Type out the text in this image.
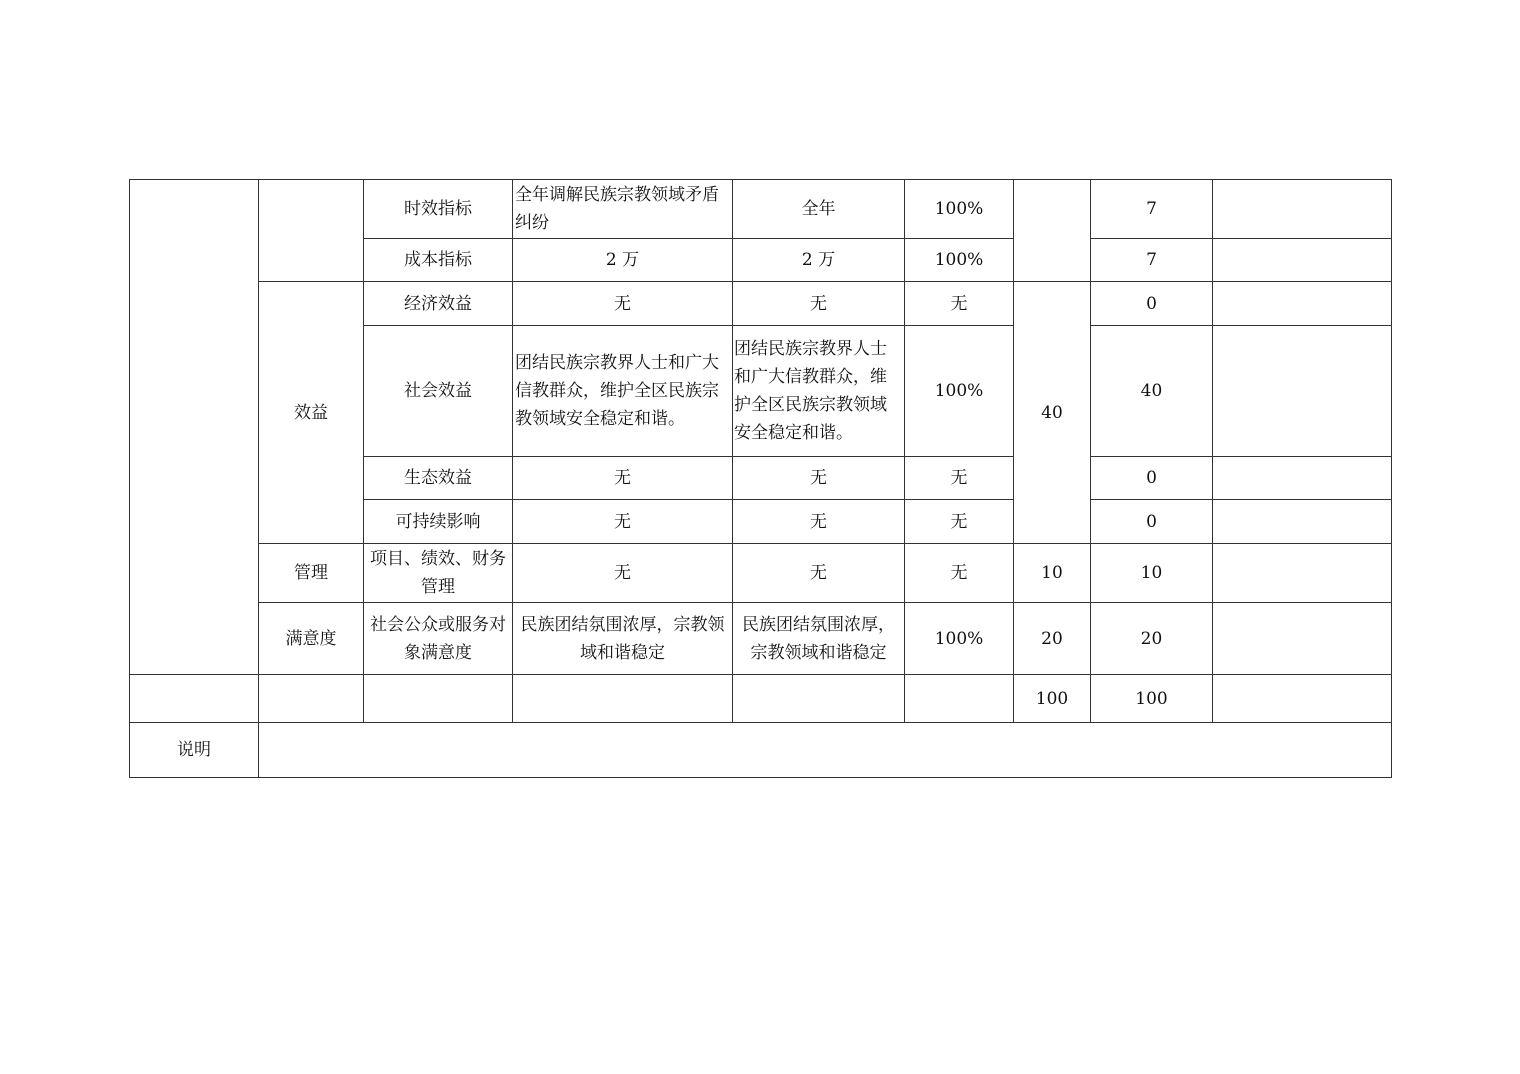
		时效指标	全年调解民族宗教领域矛盾纠纷	全年	100%		7	
		成本指标	2 万	2 万	100%		7	
	效益	经济效益	无	无	无	40	0	
		社会效益	团结民族宗教界人士和广大信教群众，维护全区民族宗教领域安全稳定和谐。	团结民族宗教界人士和广大信教群众，维护全区民族宗教领域安全稳定和谐。	100%		40	
		生态效益	无	无	无		0	
		可持续影响	无	无	无		0	
	管理	项目、绩效、财务管理	无	无	无	10	10	
	满意度	社会公众或服务对象满意度	民族团结氛围浓厚，宗教领域和谐稳定	民族团结氛围浓厚，宗教领域和谐稳定	100%	20	20	
						100	100	
说明								
